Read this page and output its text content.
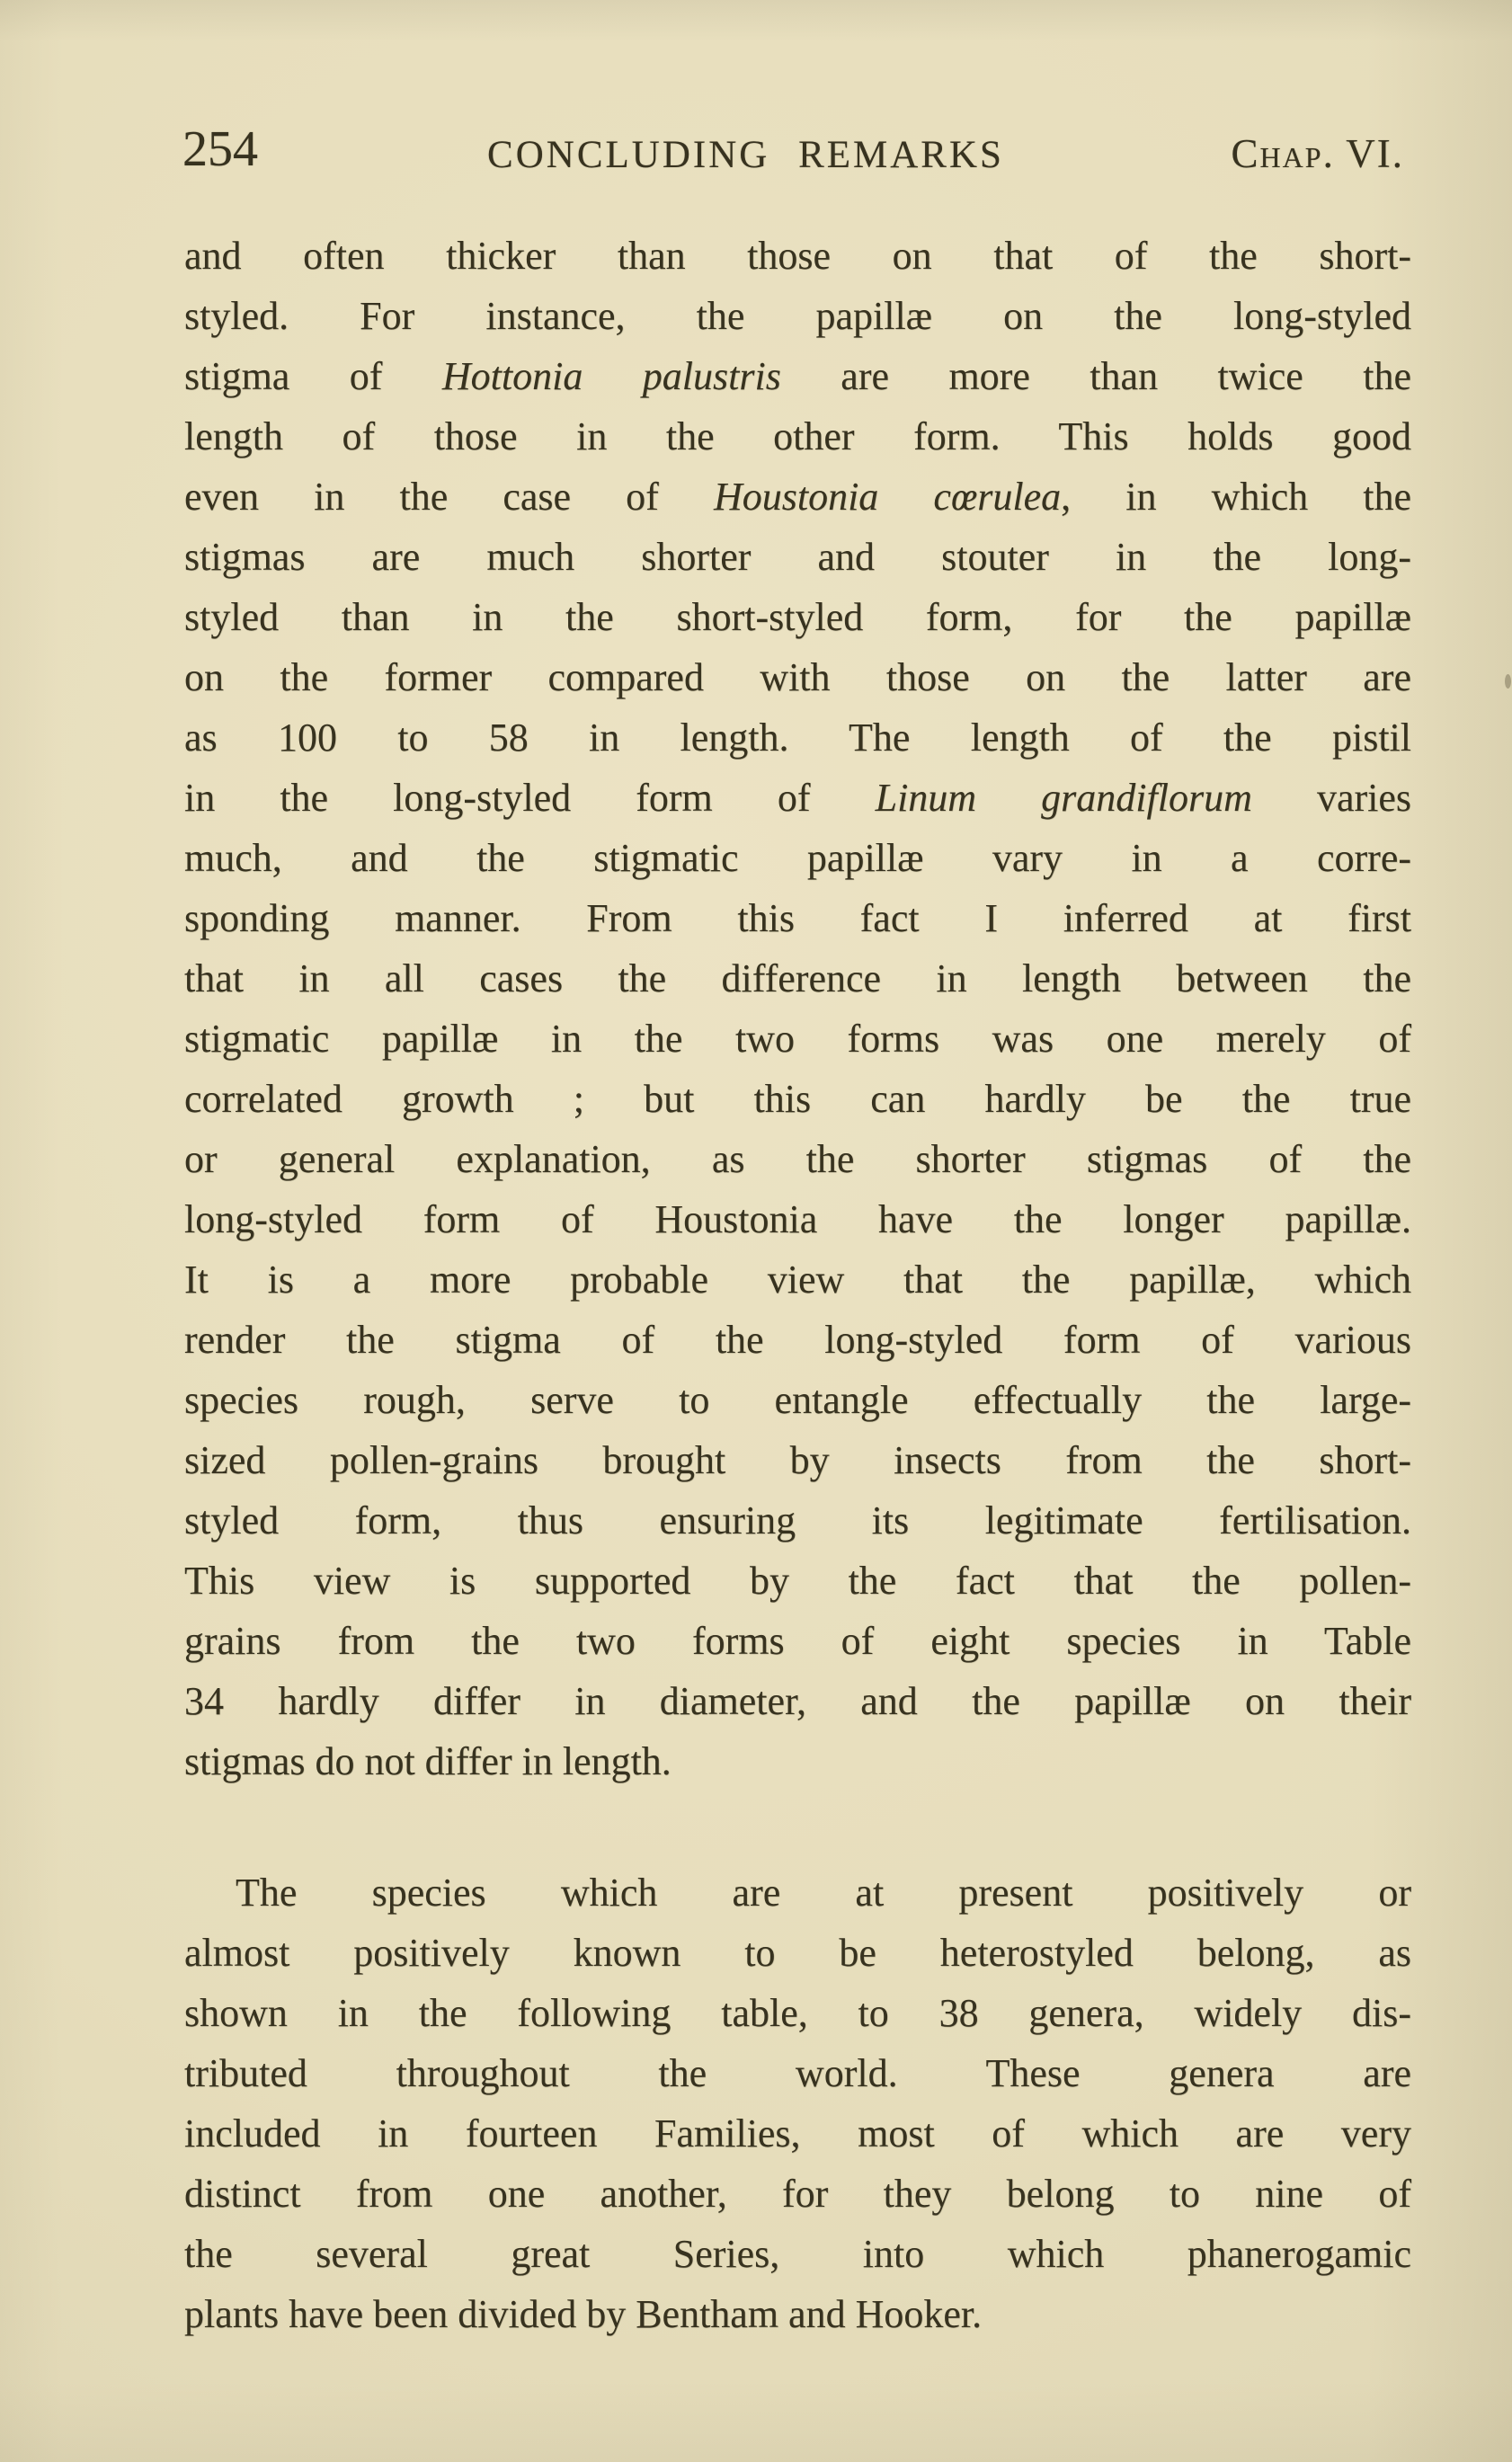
254	CONCLUDING REMARKS	Chap. VI.
and often thicker than those on that of the short-
styled. For instance, the papillæ on the long-styled
stigma of Hottonia palustris are more than twice the
length of those in the other form. This holds good
even in the case of Houstonia cœrulea, in which the
stigmas are much shorter and stouter in the long-
styled than in the short-styled form, for the papillæ
on the former compared with those on the latter are
as 100 to 58 in length. The length of the pistil
in the long-styled form of Linum grandiflorum varies
much, and the stigmatic papillæ vary in a corre-
sponding manner. From this fact I inferred at first
that in all cases the difference in length between the
stigmatic papillæ in the two forms was one merely of
correlated growth ; but this can hardly be the true
or general explanation, as the shorter stigmas of the
long-styled form of Houstonia have the longer papillæ.
It is a more probable view that the papillæ, which
render the stigma of the long-styled form of various
species rough, serve to entangle effectually the large-
sized pollen-grains brought by insects from the short-
styled form, thus ensuring its legitimate fertilisation.
This view is supported by the fact that the pollen-
grains from the two forms of eight species in Table
34 hardly differ in diameter, and the papillæ on their
stigmas do not differ in length.
The species which are at present positively or
almost positively known to be heterostyled belong, as
shown in the following table, to 38 genera, widely dis-
tributed throughout the world. These genera are
included in fourteen Families, most of which are very
distinct from one another, for they belong to nine of
the several great Series, into which phanerogamic
plants have been divided by Bentham and Hooker.
